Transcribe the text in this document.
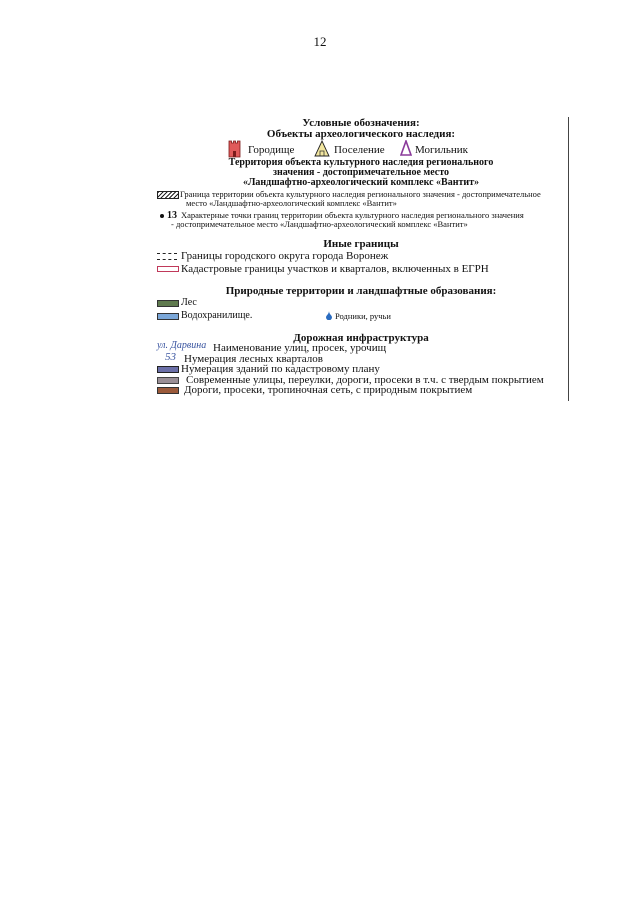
12
Условные обозначения:
Объекты археологического наследия:
Городище	Поселение	Могильник
Территория объекта культурного наследия регионального
значения - достопримечательное место
«Ландшафтно-археологический комплекс «Вантит»
Граница территории объекта культурного наследия регионального значения - достопримечательное
место «Ландшафтно-археологический комплекс «Вантит»
13 Характерные точки границ территории объекта культурного наследия регионального значения
- достопримечательное место «Ландшафтно-археологический комплекс «Вантит»
Иные границы
Границы городского округа города Воронеж
Кадастровые границы участков и кварталов, включенных в ЕГРН
Природные территории и ландшафтные образования:
Лес
Водохранилище.	Родники, ручьи
Дорожная инфраструктура
ул. Дарвина Наименование улиц, просек, урочищ
53 Нумерация лесных кварталов
Нумерация зданий по кадастровому плану
Современные улицы, переулки, дороги, просеки в т.ч. с твердым покрытием
Дороги, просеки, тропиночная сеть, с природным покрытием
